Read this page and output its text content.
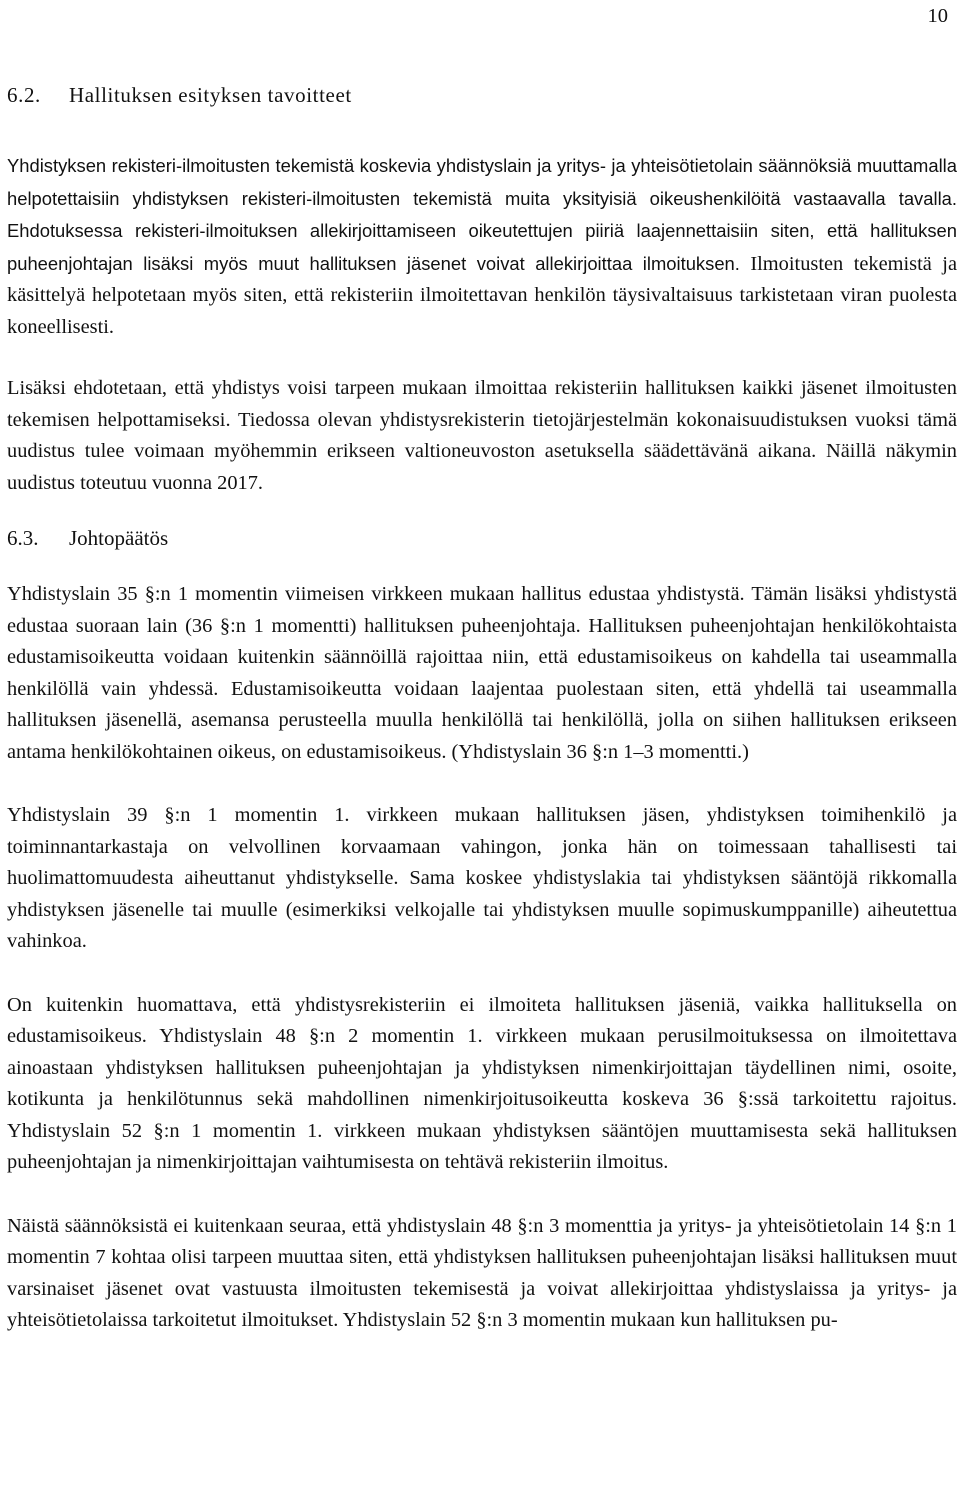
10
6.2. Hallituksen esityksen tavoitteet

Yhdistyksen rekisteri-ilmoitusten tekemistä koskevia yhdistyslain ja yritys- ja yhteisötietolain säännöksiä muuttamalla helpotettaisiin yhdistyksen rekisteri-ilmoitusten tekemistä muita yksityisiä oikeushenkilöitä vastaavalla tavalla. Ehdotuksessa rekisteri-ilmoituksen allekirjoittamiseen oikeutettujen piiriä laajennettaisiin siten, että hallituksen puheenjohtajan lisäksi myös muut hallituksen jäsenet voivat allekirjoittaa ilmoituksen. Ilmoitusten tekemistä ja käsittelyä helpotetaan myös siten, että rekisteriin ilmoitettavan henkilön täysivaltaisuus tarkistetaan viran puolesta koneellisesti.

Lisäksi ehdotetaan, että yhdistys voisi tarpeen mukaan ilmoittaa rekisteriin hallituksen kaikki jäsenet ilmoitusten tekemisen helpottamiseksi. Tiedossa olevan yhdistysrekisterin tietojärjestelmän kokonaisuudistuksen vuoksi tämä uudistus tulee voimaan myöhemmin erikseen valtioneuvoston asetuksella säädettävänä aikana. Näillä näkymin uudistus toteutuu vuonna 2017.

6.3. Johtopäätös

Yhdistyslain 35 §:n 1 momentin viimeisen virkkeen mukaan hallitus edustaa yhdistystä. Tämän lisäksi yhdistystä edustaa suoraan lain (36 §:n 1 momentti) hallituksen puheenjohtaja. Hallituksen puheenjohtajan henkilökohtaista edustamisoikeutta voidaan kuitenkin säännöillä rajoittaa niin, että edustamisoikeus on kahdella tai useammalla henkilöllä vain yhdessä. Edustamisoikeutta voidaan laajentaa puolestaan siten, että yhdellä tai useammalla hallituksen jäsenellä, asemansa perusteella muulla henkilöllä tai henkilöllä, jolla on siihen hallituksen erikseen antama henkilökohtainen oikeus, on edustamisoikeus. (Yhdistyslain 36 §:n 1–3 momentti.)

Yhdistyslain 39 §:n 1 momentin 1. virkkeen mukaan hallituksen jäsen, yhdistyksen toimihenkilö ja toiminnantarkastaja on velvollinen korvaamaan vahingon, jonka hän on toimessaan tahallisesti tai huolimattomuudesta aiheuttanut yhdistykselle. Sama koskee yhdistyslakia tai yhdistyksen sääntöjä rikkomalla yhdistyksen jäsenelle tai muulle (esimerkiksi velkojalle tai yhdistyksen muulle sopimuskumppanille) aiheutettua vahinkoa.

On kuitenkin huomattava, että yhdistysrekisteriin ei ilmoiteta hallituksen jäseniä, vaikka hallituksella on edustamisoikeus. Yhdistyslain 48 §:n 2 momentin 1. virkkeen mukaan perusilmoituksessa on ilmoitettava ainoastaan yhdistyksen hallituksen puheenjohtajan ja yhdistyksen nimenkirjoittajan täydellinen nimi, osoite, kotikunta ja henkilötunnus sekä mahdollinen nimenkirjoitusoikeutta koskeva 36 §:ssä tarkoitettu rajoitus. Yhdistyslain 52 §:n 1 momentin 1. virkkeen mukaan yhdistyksen sääntöjen muuttamisesta sekä hallituksen puheenjohtajan ja nimenkirjoittajan vaihtumisesta on tehtävä rekisteriin ilmoitus.

Näistä säännöksistä ei kuitenkaan seuraa, että yhdistyslain 48 §:n 3 momenttia ja yritys- ja yhteisötietolain 14 §:n 1 momentin 7 kohtaa olisi tarpeen muuttaa siten, että yhdistyksen hallituksen puheenjohtajan lisäksi hallituksen muut varsinaiset jäsenet ovat vastuusta ilmoitusten tekemisestä ja voivat allekirjoittaa yhdistyslaissa ja yritys- ja yhteisötietolaissa tarkoitetut ilmoitukset. Yhdistyslain 52 §:n 3 momentin mukaan kun hallituksen pu-
